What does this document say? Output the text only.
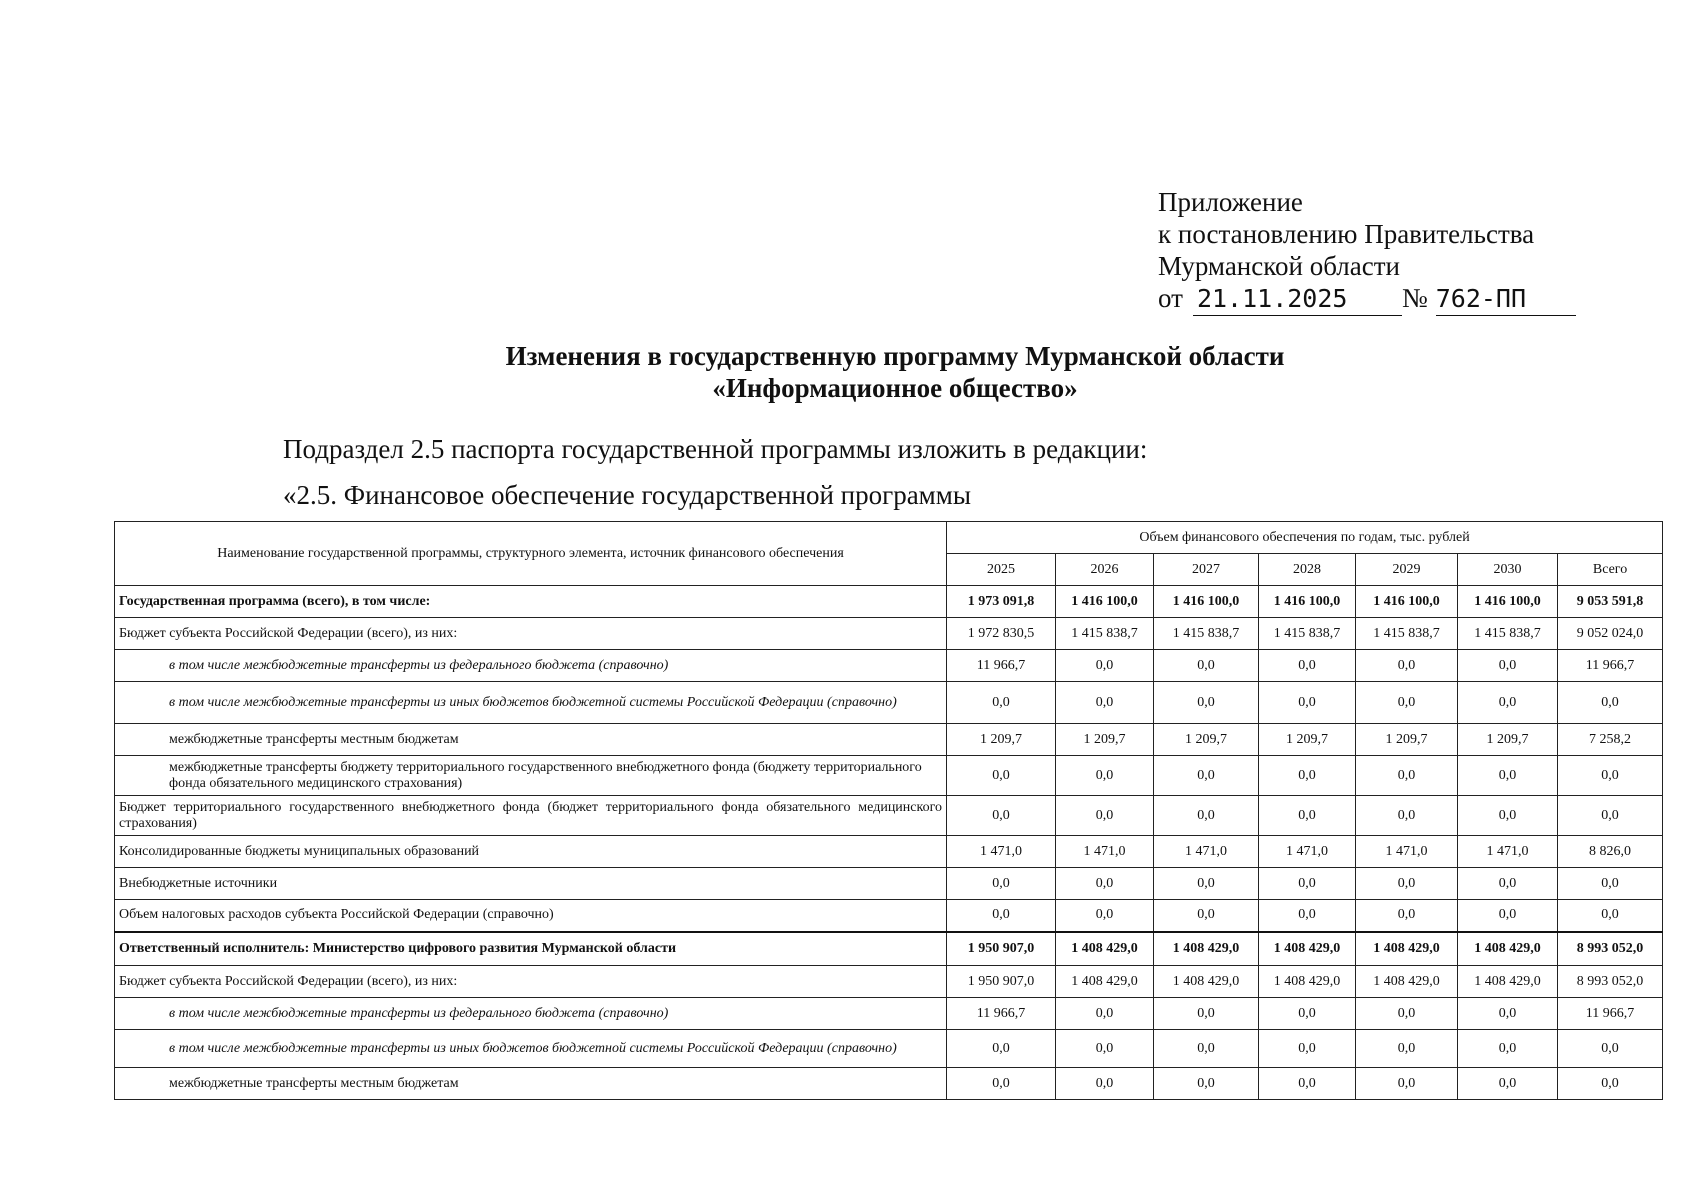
Приложение
к постановлению Правительства
Мурманской области
от 21.11.2025	№ 762-ПП
Изменения в государственную программу Мурманской области
«Информационное общество»
Подраздел 2.5 паспорта государственной программы изложить в редакции:
«2.5. Финансовое обеспечение государственной программы
Наименование государственной программы, структурного элемента, источник финансового обеспечения	Объем финансового обеспечения по годам, тыс. рублей						
	2025	2026	2027	2028	2029	2030	Всего
Государственная программа (всего), в том числе:	1 973 091,8	1 416 100,0	1 416 100,0	1 416 100,0	1 416 100,0	1 416 100,0	9 053 591,8
Бюджет субъекта Российской Федерации (всего), из них:	1 972 830,5	1 415 838,7	1 415 838,7	1 415 838,7	1 415 838,7	1 415 838,7	9 052 024,0
в том числе межбюджетные трансферты из федерального бюджета (справочно)	11 966,7	0,0	0,0	0,0	0,0	0,0	11 966,7
в том числе межбюджетные трансферты из иных бюджетов бюджетной системы Российской Федерации (справочно)	0,0	0,0	0,0	0,0	0,0	0,0	0,0
межбюджетные трансферты местным бюджетам	1 209,7	1 209,7	1 209,7	1 209,7	1 209,7	1 209,7	7 258,2
межбюджетные трансферты бюджету территориального государственного внебюджетного фонда (бюджету территориального фонда обязательного медицинского страхования)	0,0	0,0	0,0	0,0	0,0	0,0	0,0
Бюджет территориального государственного внебюджетного фонда (бюджет территориального фонда обязательного медицинского страхования)	0,0	0,0	0,0	0,0	0,0	0,0	0,0
Консолидированные бюджеты муниципальных образований	1 471,0	1 471,0	1 471,0	1 471,0	1 471,0	1 471,0	8 826,0
Внебюджетные источники	0,0	0,0	0,0	0,0	0,0	0,0	0,0
Объем налоговых расходов субъекта Российской Федерации (справочно)	0,0	0,0	0,0	0,0	0,0	0,0	0,0
Ответственный исполнитель: Министерство цифрового развития Мурманской области	1 950 907,0	1 408 429,0	1 408 429,0	1 408 429,0	1 408 429,0	1 408 429,0	8 993 052,0
Бюджет субъекта Российской Федерации (всего), из них:	1 950 907,0	1 408 429,0	1 408 429,0	1 408 429,0	1 408 429,0	1 408 429,0	8 993 052,0
в том числе межбюджетные трансферты из федерального бюджета (справочно)	11 966,7	0,0	0,0	0,0	0,0	0,0	11 966,7
в том числе межбюджетные трансферты из иных бюджетов бюджетной системы Российской Федерации (справочно)	0,0	0,0	0,0	0,0	0,0	0,0	0,0
межбюджетные трансферты местным бюджетам	0,0	0,0	0,0	0,0	0,0	0,0	0,0
